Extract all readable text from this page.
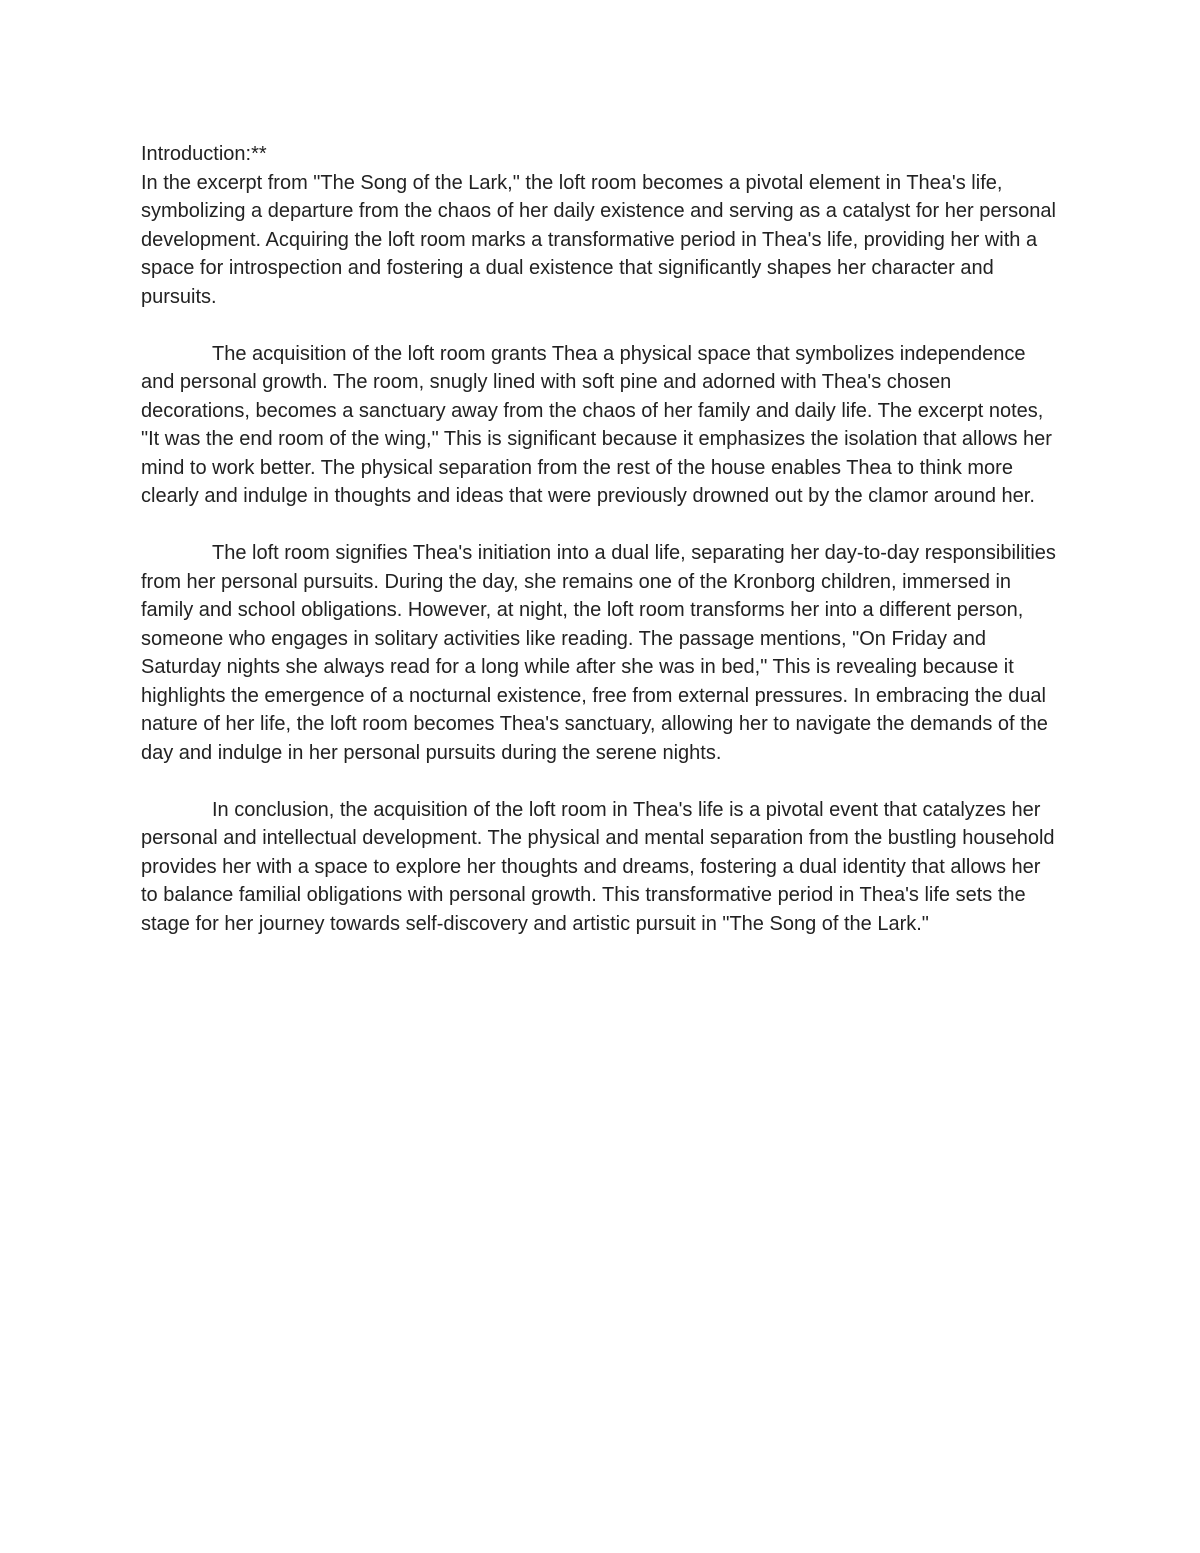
Introduction:**

In the excerpt from "The Song of the Lark," the loft room becomes a pivotal element in Thea's life, symbolizing a departure from the chaos of her daily existence and serving as a catalyst for her personal development. Acquiring the loft room marks a transformative period in Thea's life, providing her with a space for introspection and fostering a dual existence that significantly shapes her character and pursuits.

The acquisition of the loft room grants Thea a physical space that symbolizes independence and personal growth. The room, snugly lined with soft pine and adorned with Thea's chosen decorations, becomes a sanctuary away from the chaos of her family and daily life. The excerpt notes, "It was the end room of the wing," This is significant because it emphasizes the isolation that allows her mind to work better. The physical separation from the rest of the house enables Thea to think more clearly and indulge in thoughts and ideas that were previously drowned out by the clamor around her.

The loft room signifies Thea's initiation into a dual life, separating her day-to-day responsibilities from her personal pursuits. During the day, she remains one of the Kronborg children, immersed in family and school obligations. However, at night, the loft room transforms her into a different person, someone who engages in solitary activities like reading. The passage mentions, "On Friday and Saturday nights she always read for a long while after she was in bed," This is revealing because it highlights the emergence of a nocturnal existence, free from external pressures. In embracing the dual nature of her life, the loft room becomes Thea's sanctuary, allowing her to navigate the demands of the day and indulge in her personal pursuits during the serene nights.

In conclusion, the acquisition of the loft room in Thea's life is a pivotal event that catalyzes her personal and intellectual development. The physical and mental separation from the bustling household provides her with a space to explore her thoughts and dreams, fostering a dual identity that allows her to balance familial obligations with personal growth. This transformative period in Thea's life sets the stage for her journey towards self-discovery and artistic pursuit in "The Song of the Lark."
